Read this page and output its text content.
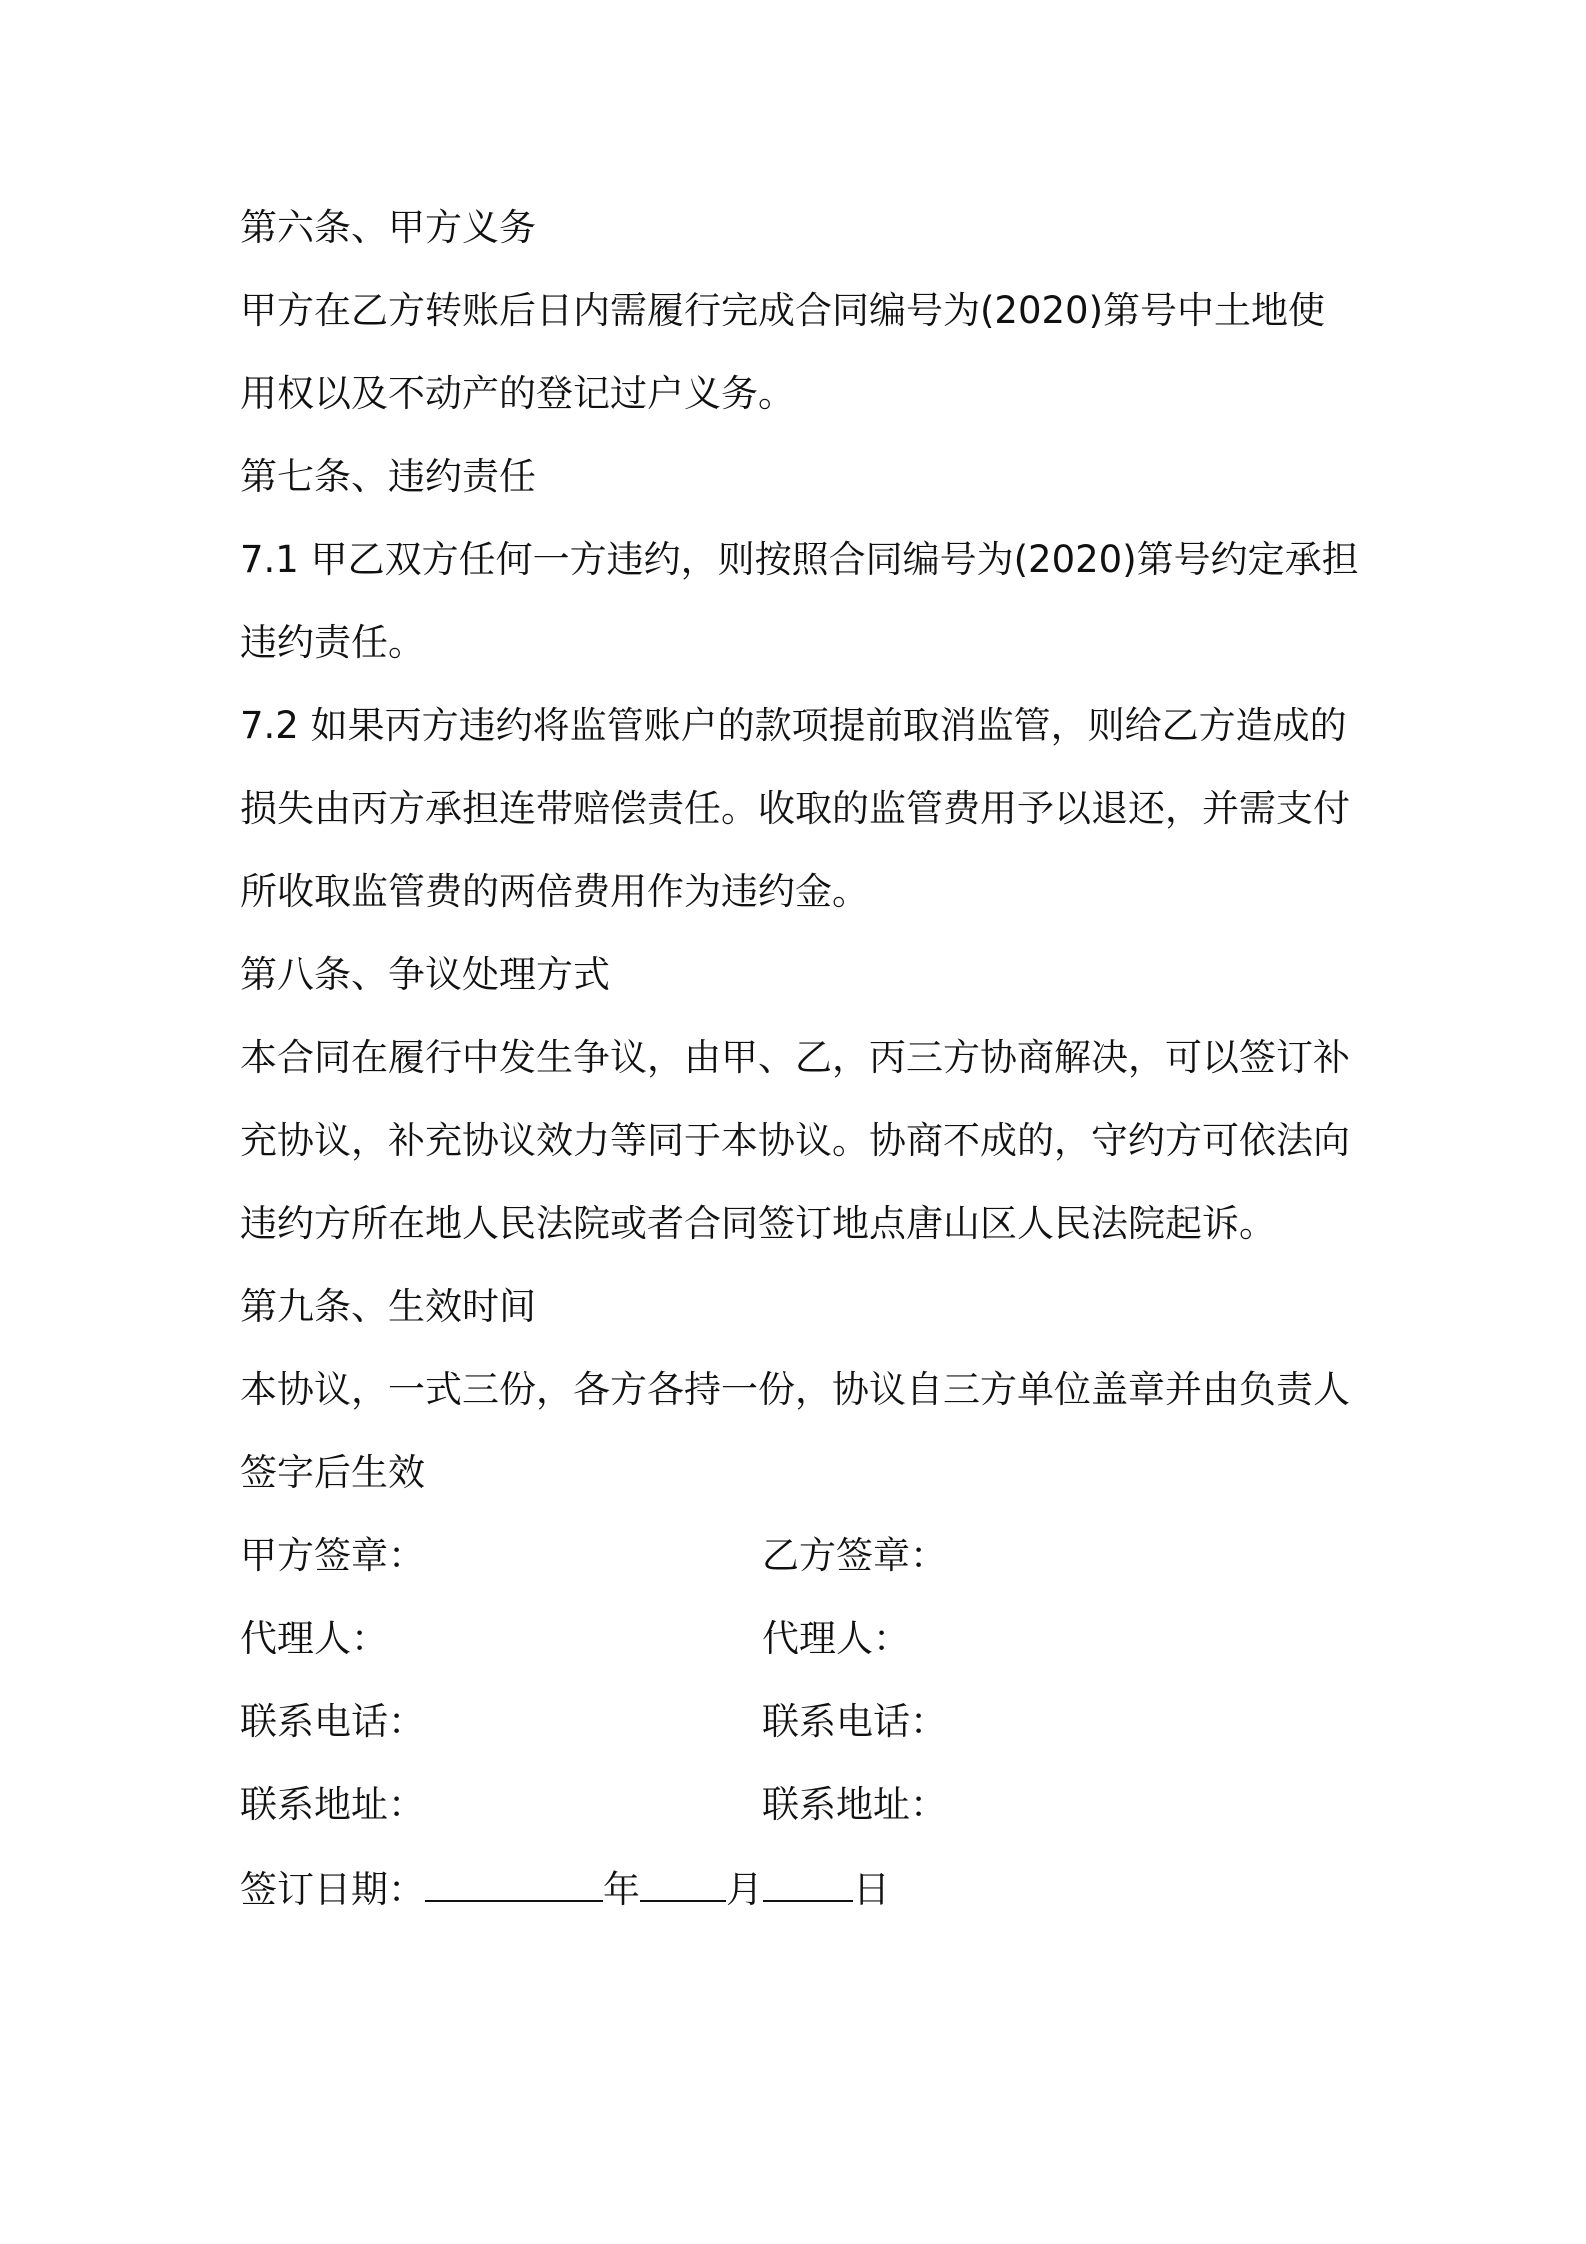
第六条、甲方义务
甲方在乙方转账后日内需履行完成合同编号为(2020)第号中土地使
用权以及不动产的登记过户义务。
第七条、违约责任
7.1 甲乙双方任何一方违约，则按照合同编号为(2020)第号约定承担
违约责任。
7.2 如果丙方违约将监管账户的款项提前取消监管，则给乙方造成的
损失由丙方承担连带赔偿责任。收取的监管费用予以退还，并需支付
所收取监管费的两倍费用作为违约金。
第八条、争议处理方式
本合同在履行中发生争议，由甲、乙，丙三方协商解决，可以签订补
充协议，补充协议效力等同于本协议。协商不成的，守约方可依法向
违约方所在地人民法院或者合同签订地点唐山区人民法院起诉。
第九条、生效时间
本协议，一式三份，各方各持一份，协议自三方单位盖章并由负责人
签字后生效
甲方签章：	乙方签章：
代理人：	代理人：
联系电话：	联系电话：
联系地址：	联系地址：
签订日期：	年 月 日
